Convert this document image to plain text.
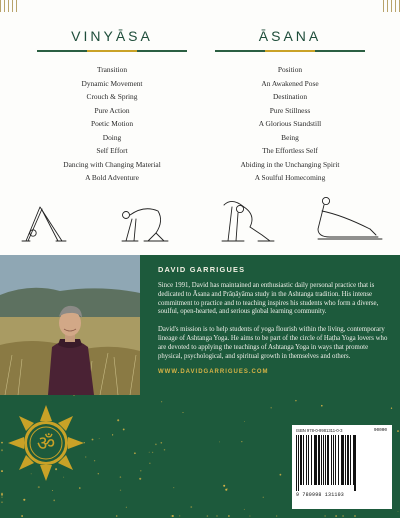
VINYĀSA
Transition
Dynamic Movement
Crouch & Spring
Pure Action
Poetic Motion
Doing
Self Effort
Dancing with Changing Material
A Bold Adventure
ĀSANA
Position
An Awakened Pose
Destination
Pure Stillness
A Glorious Standstill
Being
The Effortless Self
Abiding in the Unchanging Spirit
A Soulful Homecoming
DAVID GARRIGUES

Since 1991, David has maintained an enthusiastic daily personal practice that is dedicated to Āsana and Prāṇāyāma study in the Ashtanga tradition. His intense commitment to practice and to teaching inspires his students who form a diverse, soulful, open-hearted, and serious global learning community.

David's mission is to help students of yoga flourish within the living, contemporary lineage of Ashtanga Yoga. He aims to be part of the circle of Haṭha Yoga lovers who are devoted to applying the teachings of Ashtanga Yoga in ways that promote physical, psychological, and spiritual growth in themselves and others.

WWW.DAVIDGARRIGUES.COM
ॐ
ISBN 978-0-9981311-0-3	90000
9 780998 131103
